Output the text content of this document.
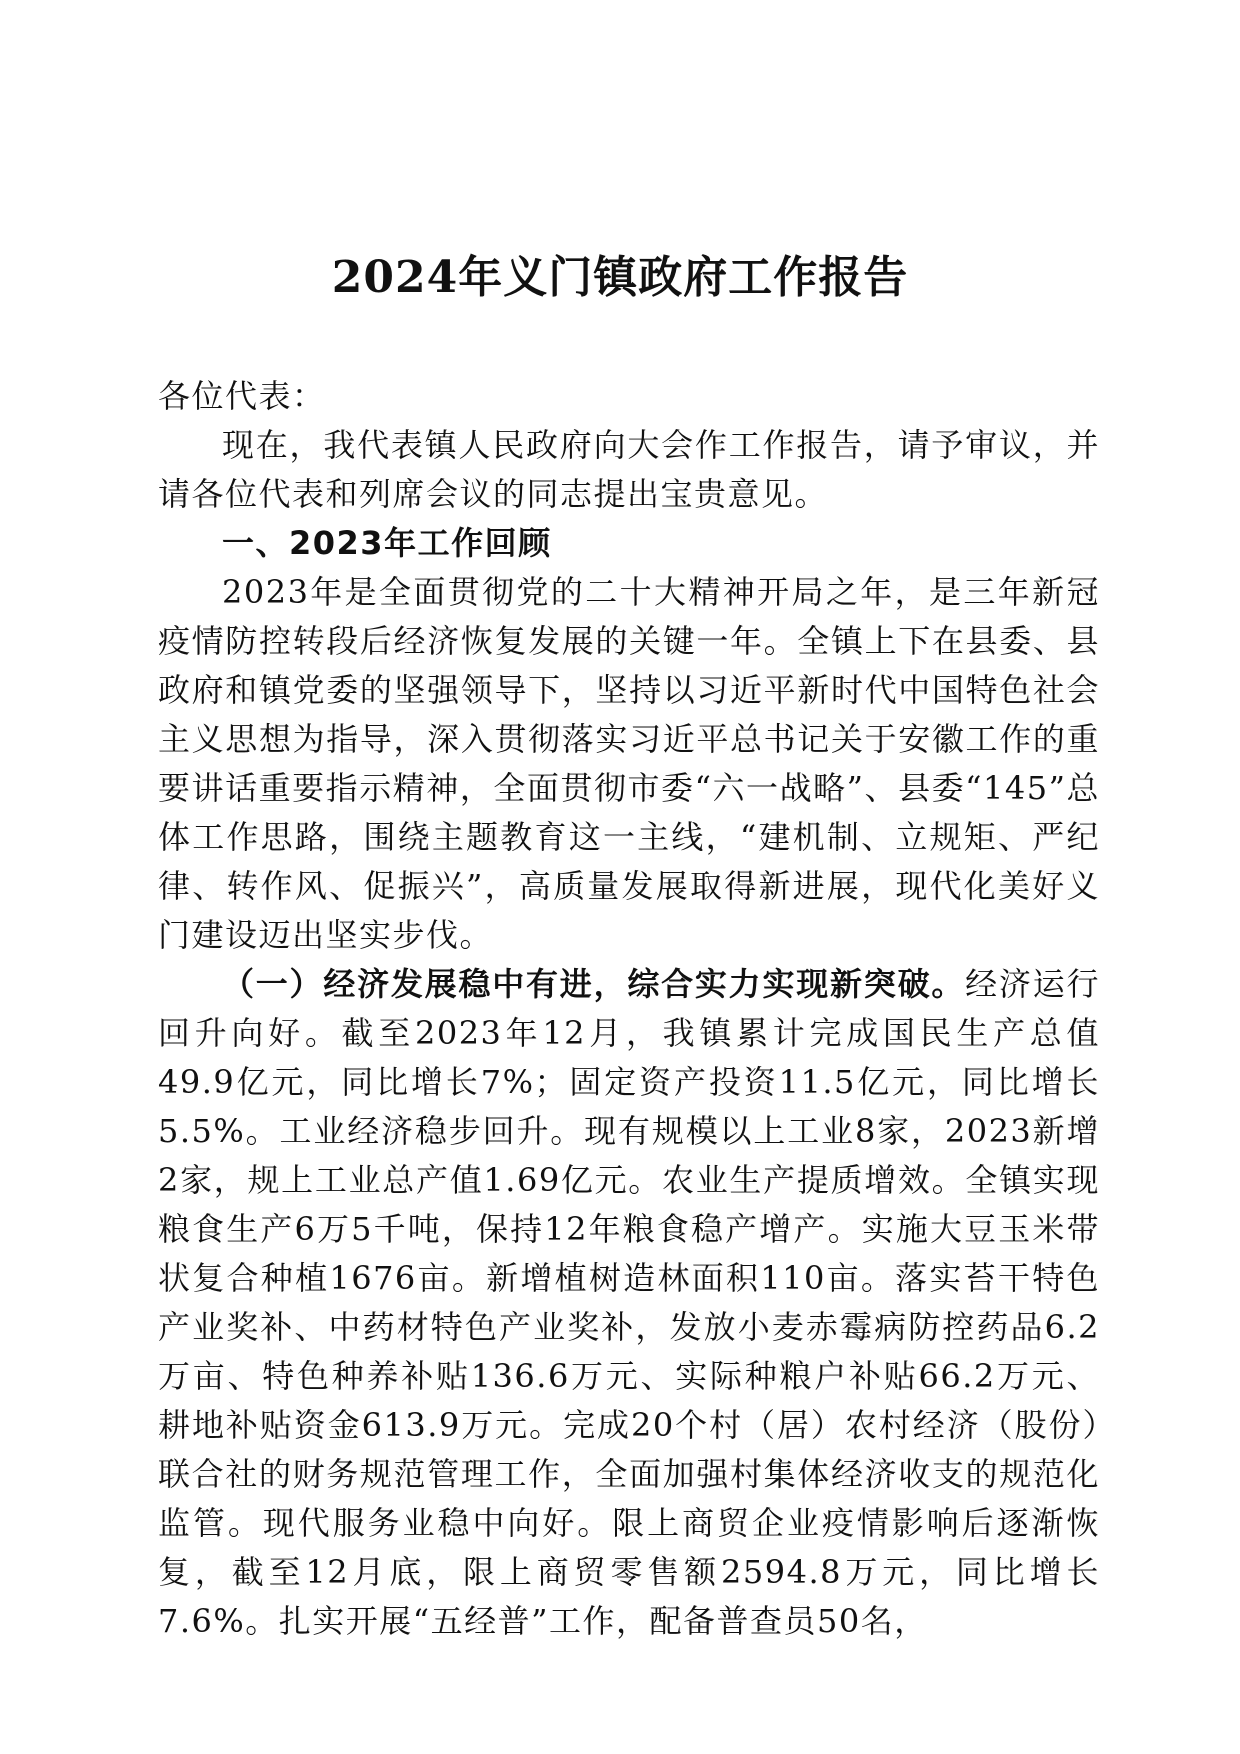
2024年义门镇政府工作报告

各位代表：

现在，我代表镇人民政府向大会作工作报告，请予审议，并请各位代表和列席会议的同志提出宝贵意见。

一、2023年工作回顾

2023年是全面贯彻党的二十大精神开局之年，是三年新冠疫情防控转段后经济恢复发展的关键一年。全镇上下在县委、县政府和镇党委的坚强领导下，坚持以习近平新时代中国特色社会主义思想为指导，深入贯彻落实习近平总书记关于安徽工作的重要讲话重要指示精神，全面贯彻市委“六一战略”、县委“145”总体工作思路，围绕主题教育这一主线，“建机制、立规矩、严纪律、转作风、促振兴”，高质量发展取得新进展，现代化美好义门建设迈出坚实步伐。

（一）经济发展稳中有进，综合实力实现新突破。经济运行回升向好。截至2023年12月，我镇累计完成国民生产总值49.9亿元，同比增长7%；固定资产投资11.5亿元，同比增长5.5%。工业经济稳步回升。现有规模以上工业8家，2023新增2家，规上工业总产值1.69亿元。农业生产提质增效。全镇实现粮食生产6万5千吨，保持12年粮食稳产增产。实施大豆玉米带状复合种植1676亩。新增植树造林面积110亩。落实苔干特色产业奖补、中药材特色产业奖补，发放小麦赤霉病防控药品6.2万亩、特色种养补贴136.6万元、实际种粮户补贴66.2万元、耕地补贴资金613.9万元。完成20个村（居）农村经济（股份）联合社的财务规范管理工作，全面加强村集体经济收支的规范化监管。现代服务业稳中向好。限上商贸企业疫情影响后逐渐恢复，截至12月底，限上商贸零售额2594.8万元，同比增长7.6%。扎实开展“五经普”工作，配备普查员50名，
